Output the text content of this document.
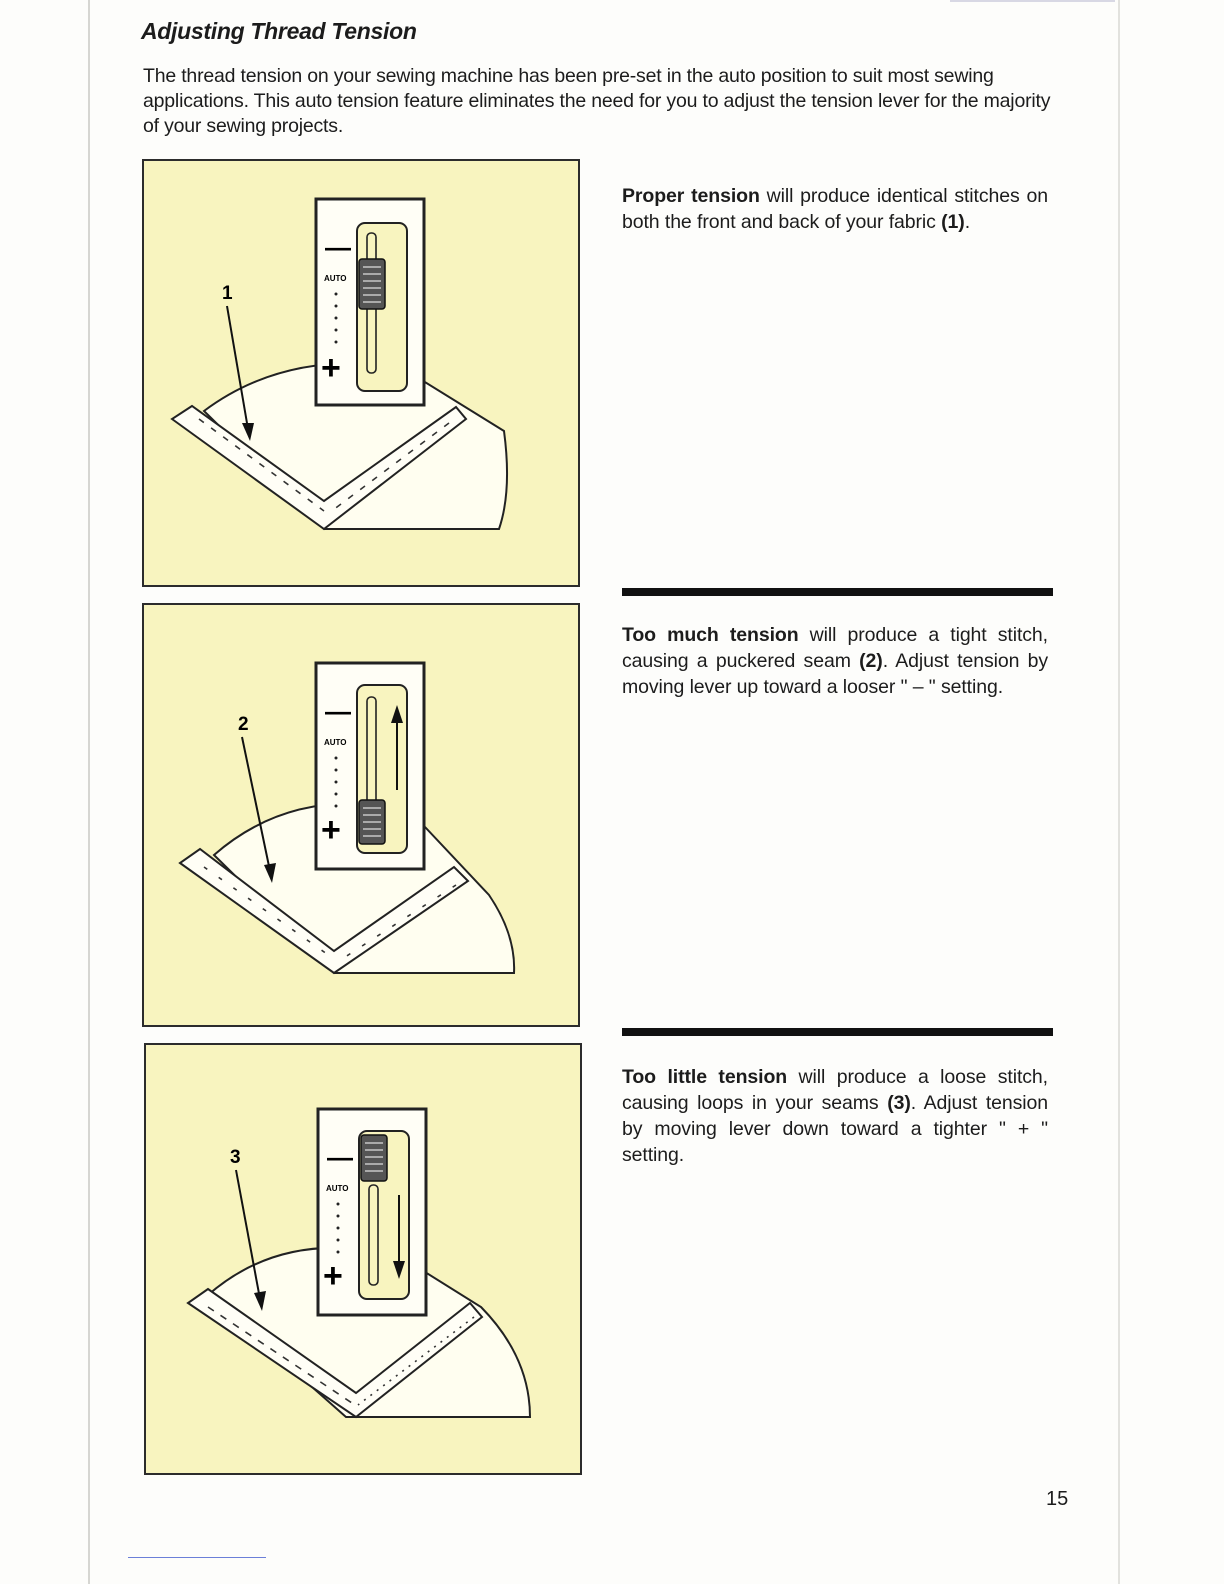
Adjusting Thread Tension

The thread tension on your sewing machine has been pre-set in the auto position to suit most sewing applications. This auto tension feature eliminates the need for you to adjust the tension lever for the majority of your sewing projects.

—
AUTO
+
1
—
AUTO
+
2
—
AUTO
+
3

Proper tension will produce identical stitches on both the front and back of your fabric (1).

Too much tension will produce a tight stitch, causing a puckered seam (2). Adjust tension by moving lever up toward a looser " – " setting.

Too little tension will produce a loose stitch, causing loops in your seams (3). Adjust tension by moving lever down toward a tighter " + " setting.

15
